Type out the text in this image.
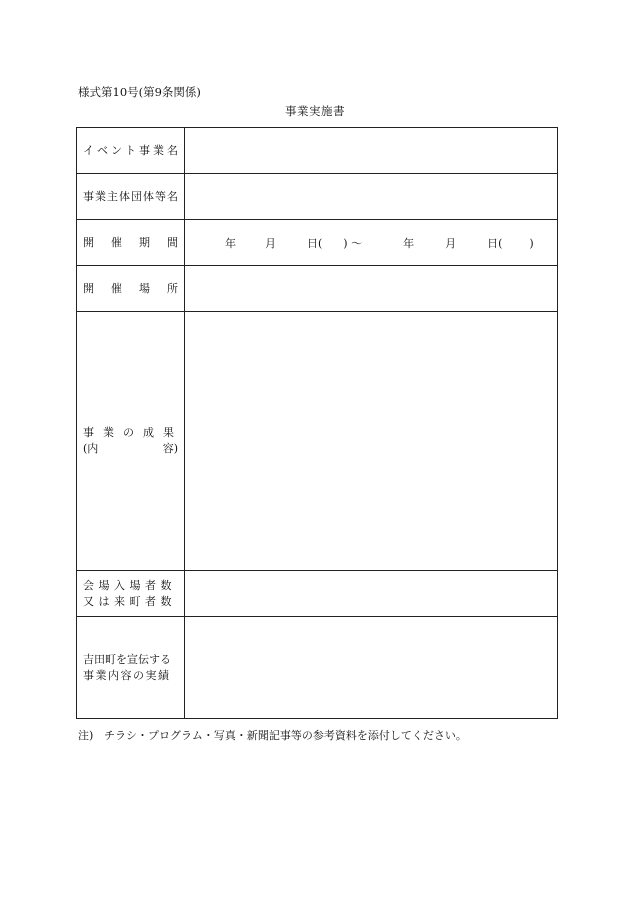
様式第10号(第9条関係)
事業実施書
イベント事業名	

事業主体団体等名	

開 催 期 間	年 月 日( ) 〜 年 月 日( )

開 催 場 所	

事業の成果
(内 容)	

会場入場者数
又は来町者数	

吉田町を宣伝する
事業内容の実績	

注) チラシ・プログラム・写真・新聞記事等の参考資料を添付してください。
